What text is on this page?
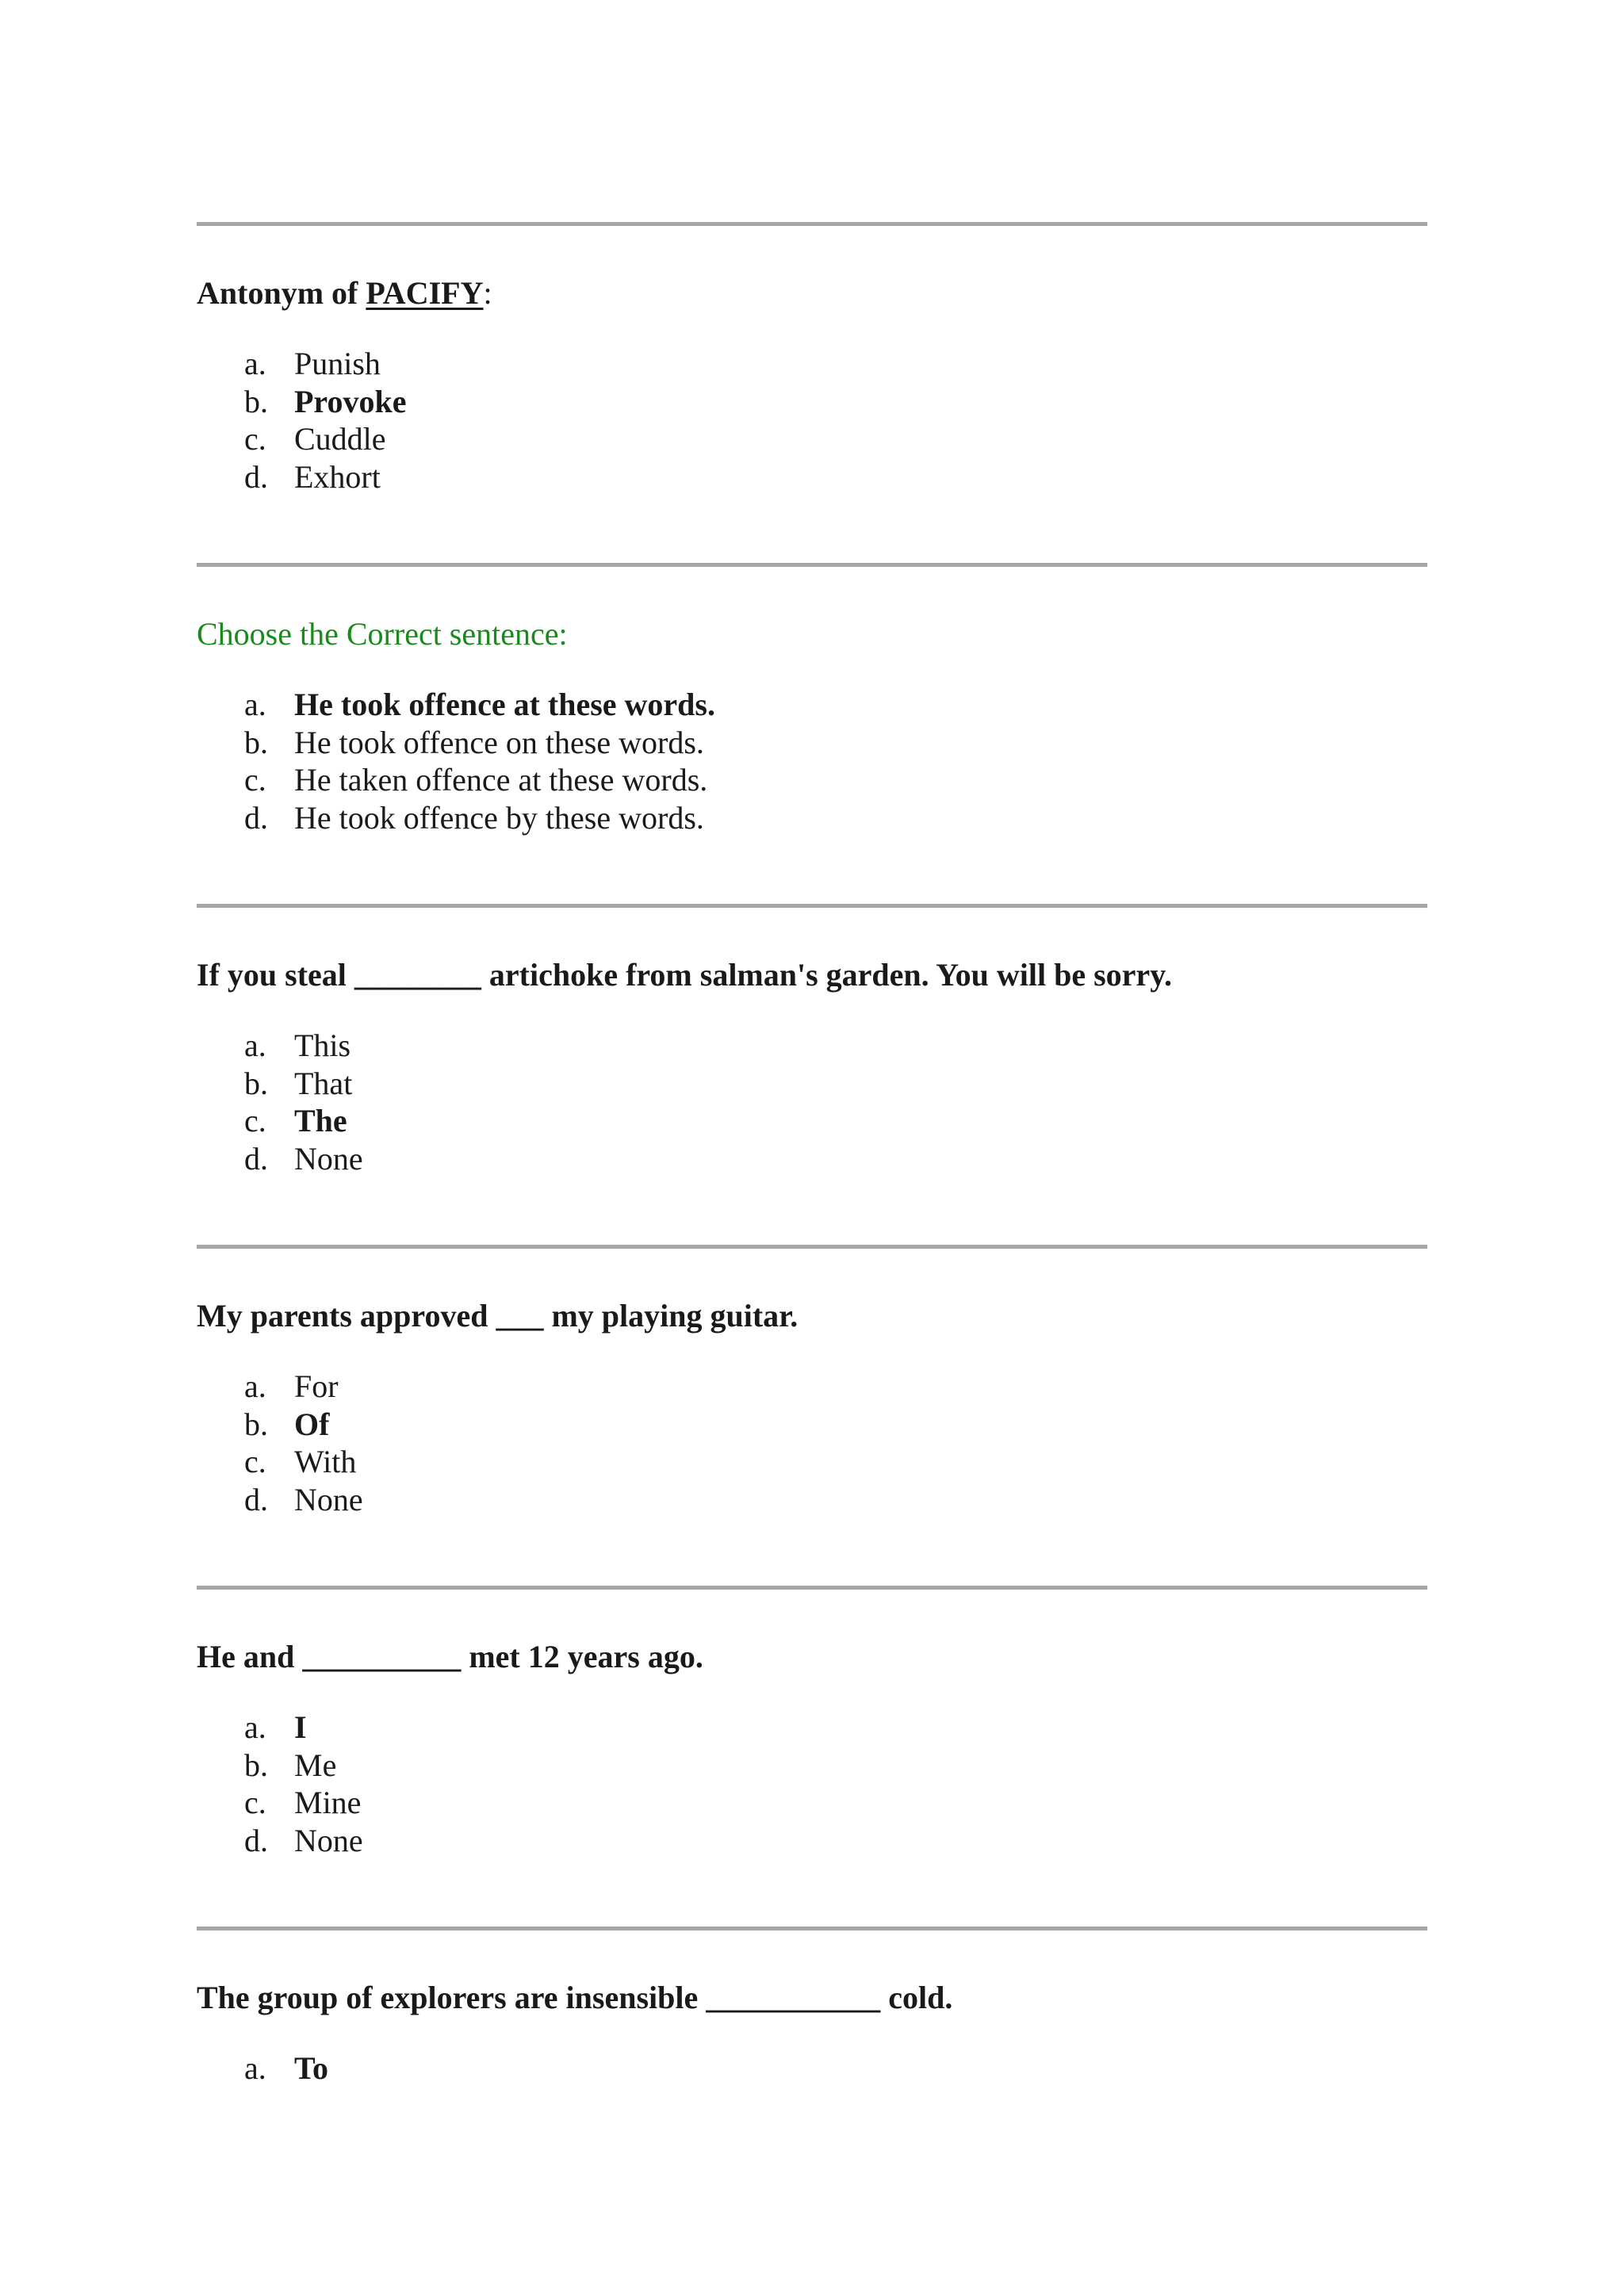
Antonym of PACIFY:
a. Punish
b. Provoke
c. Cuddle
d. Exhort
Choose the Correct sentence:
a. He took offence at these words.
b. He took offence on these words.
c. He taken offence at these words.
d. He took offence by these words.
If you steal ________ artichoke from salman's garden. You will be sorry.
a. This
b. That
c. The
d. None
My parents approved ___ my playing guitar.
a. For
b. Of
c. With
d. None
He and __________ met 12 years ago.
a. I
b. Me
c. Mine
d. None
The group of explorers are insensible ___________ cold.
a. To
